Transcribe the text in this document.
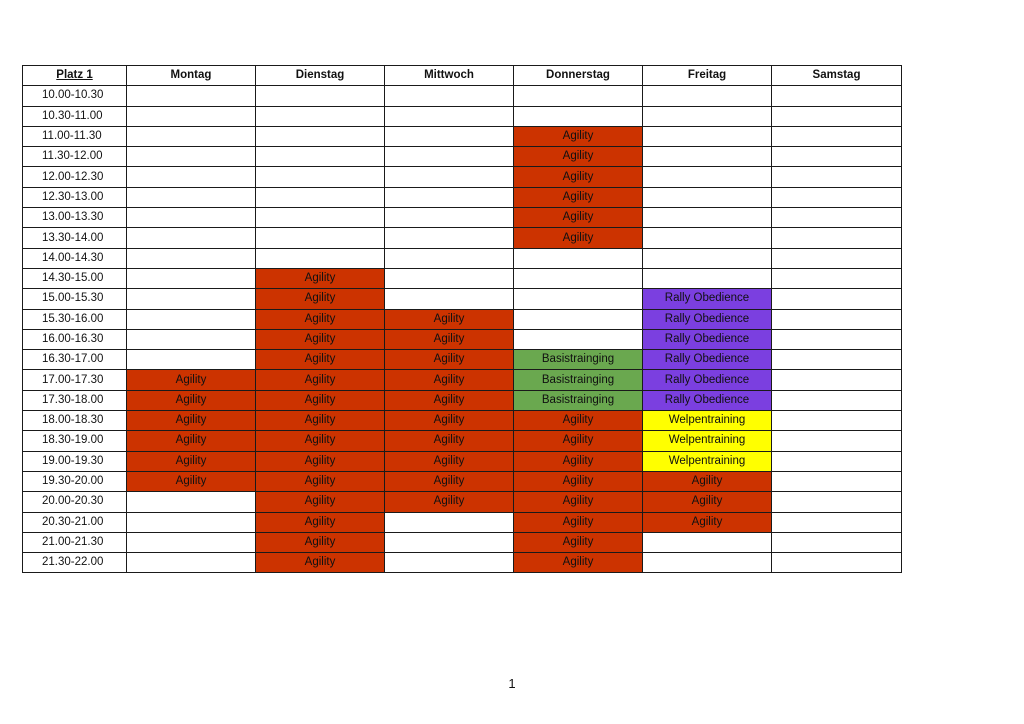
Platz 1	Montag	Dienstag	Mittwoch	Donnerstag	Freitag	Samstag
10.00-10.30						
10.30-11.00						
11.00-11.30				Agility		
11.30-12.00				Agility		
12.00-12.30				Agility		
12.30-13.00				Agility		
13.00-13.30				Agility		
13.30-14.00				Agility		
14.00-14.30						
14.30-15.00		Agility				
15.00-15.30		Agility			Rally Obedience	
15.30-16.00		Agility	Agility		Rally Obedience	
16.00-16.30		Agility	Agility		Rally Obedience	
16.30-17.00		Agility	Agility	Basistrainging	Rally Obedience	
17.00-17.30	Agility	Agility	Agility	Basistrainging	Rally Obedience	
17.30-18.00	Agility	Agility	Agility	Basistrainging	Rally Obedience	
18.00-18.30	Agility	Agility	Agility	Agility	Welpentraining	
18.30-19.00	Agility	Agility	Agility	Agility	Welpentraining	
19.00-19.30	Agility	Agility	Agility	Agility	Welpentraining	
19.30-20.00	Agility	Agility	Agility	Agility	Agility	
20.00-20.30		Agility	Agility	Agility	Agility	
20.30-21.00		Agility		Agility	Agility	
21.00-21.30		Agility		Agility		
21.30-22.00		Agility		Agility		
1
